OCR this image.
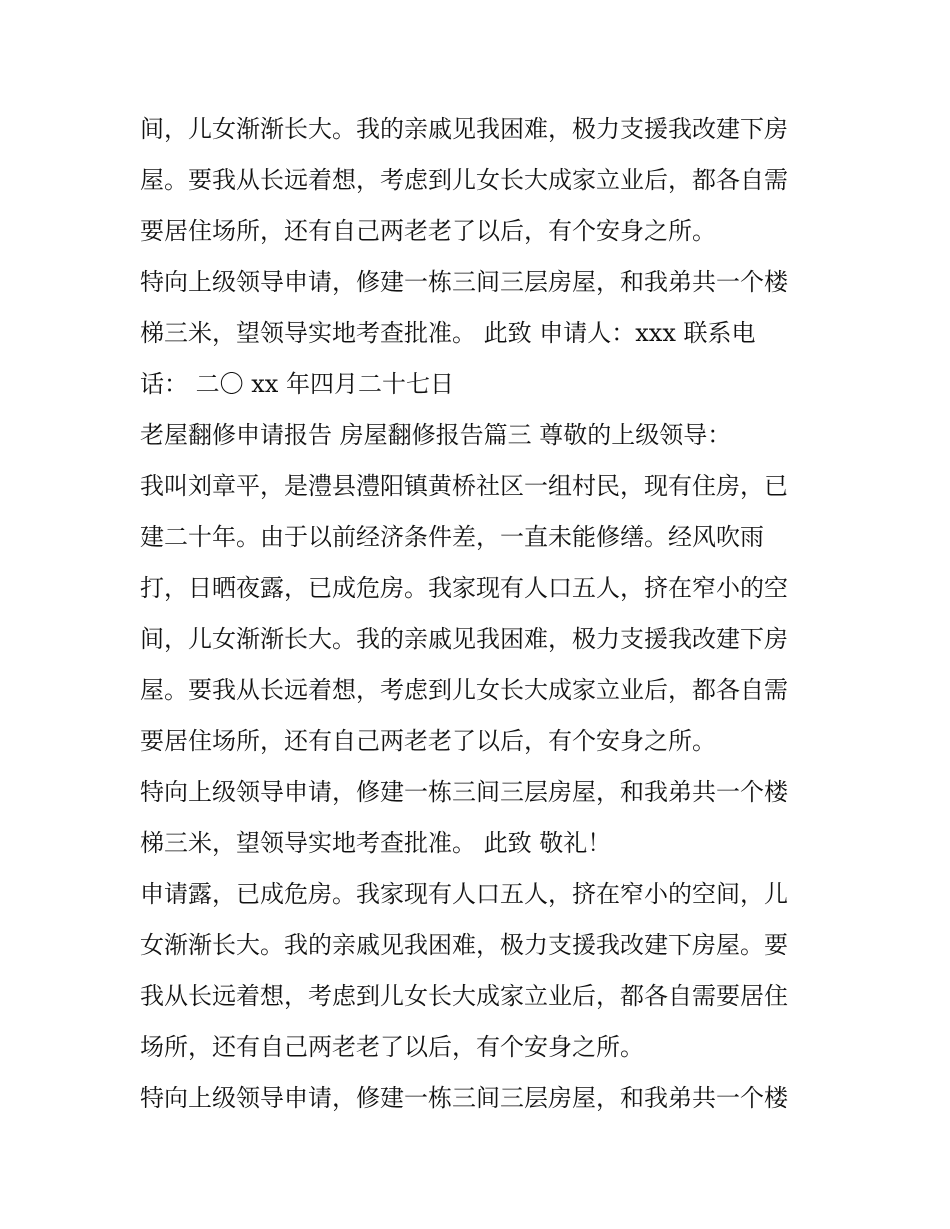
间，儿女渐渐长大。我的亲戚见我困难，极力支援我改建下房
屋。要我从长远着想，考虑到儿女长大成家立业后，都各自需
要居住场所，还有自己两老老了以后，有个安身之所。
特向上级领导申请，修建一栋三间三层房屋，和我弟共一个楼
梯三米，望领导实地考查批准。 此致 申请人：xxx 联系电
话： 二〇 xx 年四月二十七日
老屋翻修申请报告 房屋翻修报告篇三 尊敬的上级领导：
我叫刘章平，是澧县澧阳镇黄桥社区一组村民，现有住房，已
建二十年。由于以前经济条件差，一直未能修缮。经风吹雨
打，日晒夜露，已成危房。我家现有人口五人，挤在窄小的空
间，儿女渐渐长大。我的亲戚见我困难，极力支援我改建下房
屋。要我从长远着想，考虑到儿女长大成家立业后，都各自需
要居住场所，还有自己两老老了以后，有个安身之所。
特向上级领导申请，修建一栋三间三层房屋，和我弟共一个楼
梯三米，望领导实地考查批准。 此致 敬礼！
申请露，已成危房。我家现有人口五人，挤在窄小的空间，儿
女渐渐长大。我的亲戚见我困难，极力支援我改建下房屋。要
我从长远着想，考虑到儿女长大成家立业后，都各自需要居住
场所，还有自己两老老了以后，有个安身之所。
特向上级领导申请，修建一栋三间三层房屋，和我弟共一个楼
